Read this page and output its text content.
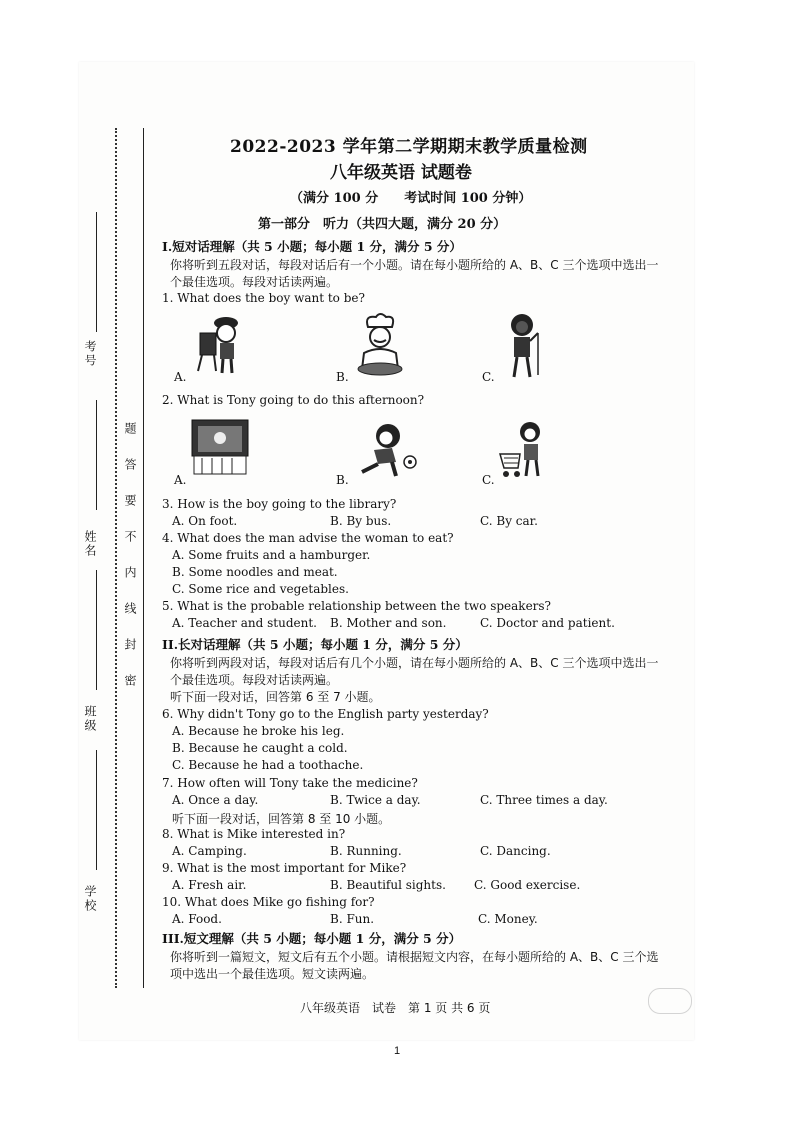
考号
姓名
班级
学校
题
答
要
不
内
线
封
密
2022-2023 学年第二学期期末教学质量检测
八年级英语 试题卷
（满分 100 分　　考试时间 100 分钟）
第一部分　听力（共四大题，满分 20 分）
I.短对话理解（共 5 小题；每小题 1 分，满分 5 分）
你将听到五段对话，每段对话后有一个小题。请在每小题所给的 A、B、C 三个选项中选出一
个最佳选项。每段对话读两遍。
1. What does the boy want to be?
A.	B.	C.
2. What is Tony going to do this afternoon?
A.	B.	C.
3. How is the boy going to the library?
A. On foot.	B. By bus.	C. By car.
4. What does the man advise the woman to eat?
A. Some fruits and a hamburger.
B. Some noodles and meat.
C. Some rice and vegetables.
5. What is the probable relationship between the two speakers?
A. Teacher and student. B. Mother and son.	C. Doctor and patient.
II.长对话理解（共 5 小题；每小题 1 分，满分 5 分）
你将听到两段对话，每段对话后有几个小题，请在每小题所给的 A、B、C 三个选项中选出一
个最佳选项。每段对话读两遍。
听下面一段对话，回答第 6 至 7 小题。
6. Why didn't Tony go to the English party yesterday?
A. Because he broke his leg.
B. Because he caught a cold.
C. Because he had a toothache.
7. How often will Tony take the medicine?
A. Once a day.	B. Twice a day.	C. Three times a day.
听下面一段对话，回答第 8 至 10 小题。
8. What is Mike interested in?
A. Camping.	B. Running.	C. Dancing.
9. What is the most important for Mike?
A. Fresh air.	B. Beautiful sights. C. Good exercise.
10. What does Mike go fishing for?
A. Food.	B. Fun.	C. Money.
III.短文理解（共 5 小题；每小题 1 分，满分 5 分）
你将听到一篇短文，短文后有五个小题。请根据短文内容，在每小题所给的 A、B、C 三个选
项中选出一个最佳选项。短文读两遍。
八年级英语　试卷　第 1 页 共 6 页
1
